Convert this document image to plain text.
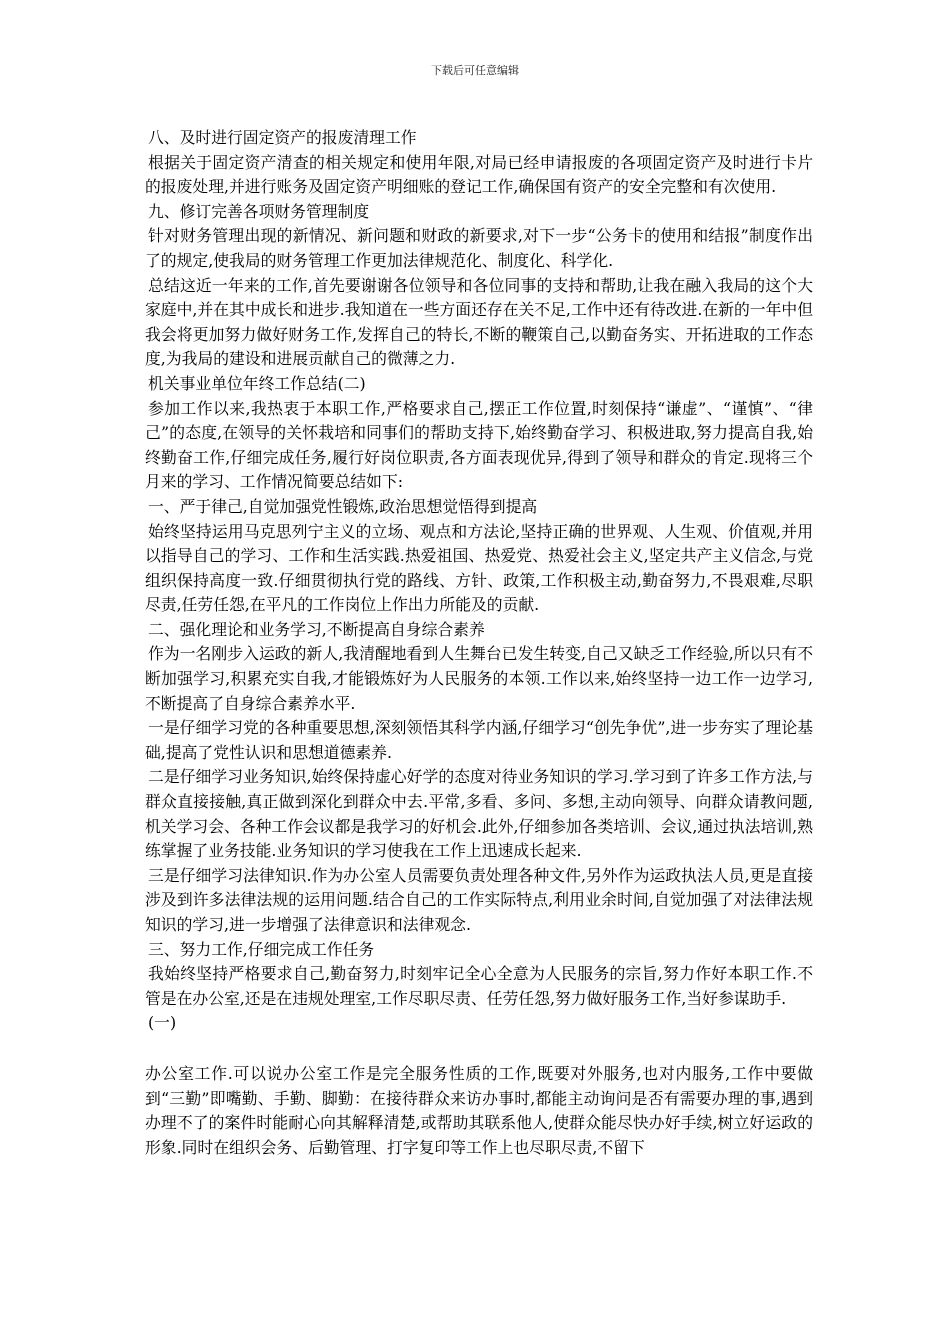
下载后可任意编辑

八、及时进行固定资产的报废清理工作

根据关于固定资产清查的相关规定和使用年限,对局已经申请报废的各项固定资产及时进行卡片的报废处理,并进行账务及固定资产明细账的登记工作,确保国有资产的安全完整和有次使用.

九、修订完善各项财务管理制度

针对财务管理出现的新情况、新问题和财政的新要求,对下一步“公务卡的使用和结报”制度作出了的规定,使我局的财务管理工作更加法律规范化、制度化、科学化.

总结这近一年来的工作,首先要谢谢各位领导和各位同事的支持和帮助,让我在融入我局的这个大家庭中,并在其中成长和进步.我知道在一些方面还存在关不足,工作中还有待改进.在新的一年中但我会将更加努力做好财务工作,发挥自己的特长,不断的鞭策自己,以勤奋务实、开拓进取的工作态度,为我局的建设和进展贡献自己的微薄之力.

机关事业单位年终工作总结(二)

参加工作以来,我热衷于本职工作,严格要求自己,摆正工作位置,时刻保持“谦虚”、“谨慎”、“律己”的态度,在领导的关怀栽培和同事们的帮助支持下,始终勤奋学习、积极进取,努力提高自我,始终勤奋工作,仔细完成任务,履行好岗位职责,各方面表现优异,得到了领导和群众的肯定.现将三个月来的学习、工作情况简要总结如下:

一、严于律己,自觉加强党性锻炼,政治思想觉悟得到提高

始终坚持运用马克思列宁主义的立场、观点和方法论,坚持正确的世界观、人生观、价值观,并用以指导自己的学习、工作和生活实践.热爱祖国、热爱党、热爱社会主义,坚定共产主义信念,与党组织保持高度一致.仔细贯彻执行党的路线、方针、政策,工作积极主动,勤奋努力,不畏艰难,尽职尽责,任劳任怨,在平凡的工作岗位上作出力所能及的贡献.

二、强化理论和业务学习,不断提高自身综合素养

作为一名刚步入运政的新人,我清醒地看到人生舞台已发生转变,自己又缺乏工作经验,所以只有不断加强学习,积累充实自我,才能锻炼好为人民服务的本领.工作以来,始终坚持一边工作一边学习,不断提高了自身综合素养水平.

一是仔细学习党的各种重要思想,深刻领悟其科学内涵,仔细学习“创先争优”,进一步夯实了理论基础,提高了党性认识和思想道德素养.

二是仔细学习业务知识,始终保持虚心好学的态度对待业务知识的学习.学习到了许多工作方法,与群众直接接触,真正做到深化到群众中去.平常,多看、多问、多想,主动向领导、向群众请教问题,机关学习会、各种工作会议都是我学习的好机会.此外,仔细参加各类培训、会议,通过执法培训,熟练掌握了业务技能.业务知识的学习使我在工作上迅速成长起来.

三是仔细学习法律知识.作为办公室人员需要负责处理各种文件,另外作为运政执法人员,更是直接涉及到许多法律法规的运用问题.结合自己的工作实际特点,利用业余时间,自觉加强了对法律法规知识的学习,进一步增强了法律意识和法律观念.

三、努力工作,仔细完成工作任务

我始终坚持严格要求自己,勤奋努力,时刻牢记全心全意为人民服务的宗旨,努力作好本职工作.不管是在办公室,还是在违规处理室,工作尽职尽责、任劳任怨,努力做好服务工作,当好参谋助手.

(一)

办公室工作.可以说办公室工作是完全服务性质的工作,既要对外服务,也对内服务,工作中要做到“三勤”即嘴勤、手勤、脚勤：在接待群众来访办事时,都能主动询问是否有需要办理的事,遇到办理不了的案件时能耐心向其解释清楚,或帮助其联系他人,使群众能尽快办好手续,树立好运政的形象.同时在组织会务、后勤管理、打字复印等工作上也尽职尽责,不留下
